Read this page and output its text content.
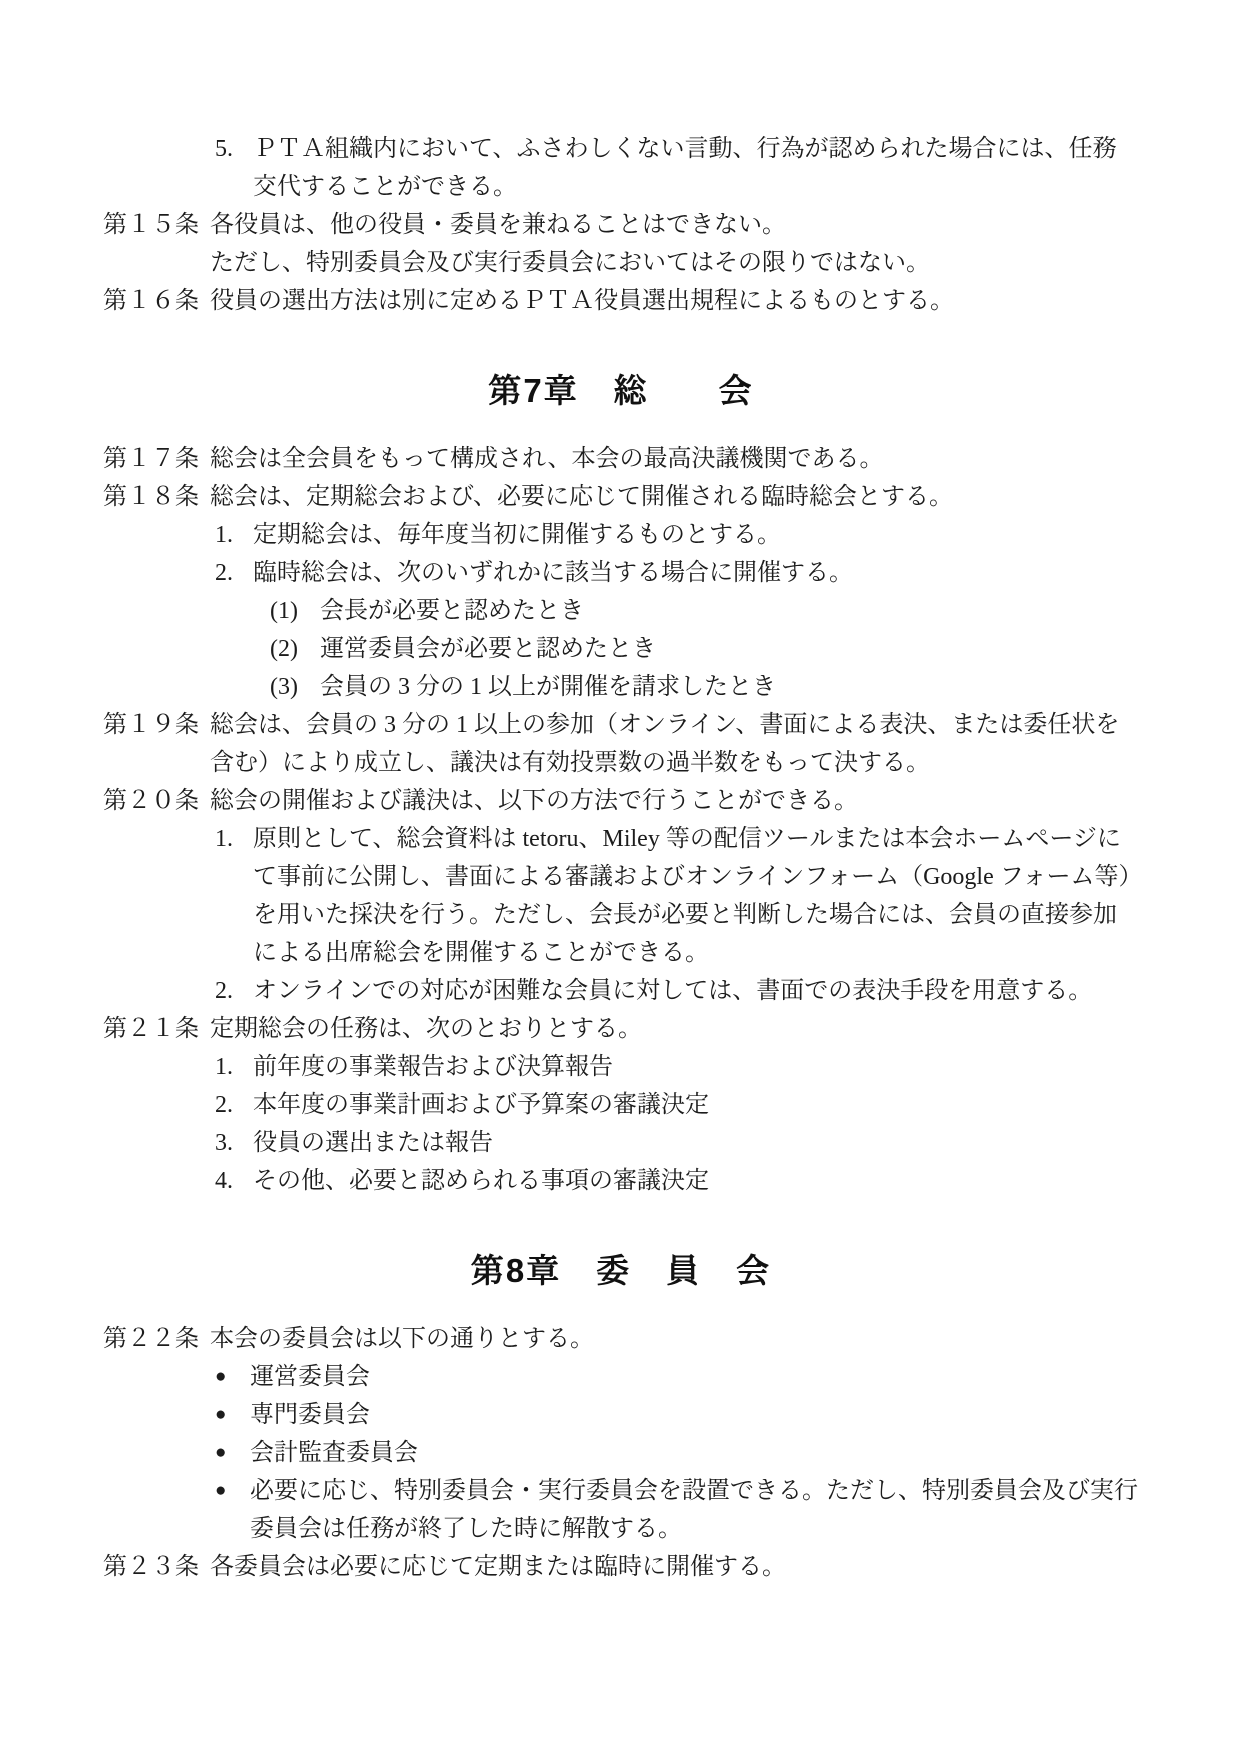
5. ＰＴＡ組織内において、ふさわしくない言動、行為が認められた場合には、任務交代することができる。
第１５条 各役員は、他の役員・委員を兼ねることはできない。
ただし、特別委員会及び実行委員会においてはその限りではない。
第１６条 役員の選出方法は別に定めるＰＴＡ役員選出規程によるものとする。
第7章　総　　会
第１７条 総会は全会員をもって構成され、本会の最高決議機関である。
第１８条 総会は、定期総会および、必要に応じて開催される臨時総会とする。
1. 定期総会は、毎年度当初に開催するものとする。
2. 臨時総会は、次のいずれかに該当する場合に開催する。
(1) 会長が必要と認めたとき
(2) 運営委員会が必要と認めたとき
(3) 会員の 3 分の 1 以上が開催を請求したとき
第１９条 総会は、会員の 3 分の 1 以上の参加（オンライン、書面による表決、または委任状を含む）により成立し、議決は有効投票数の過半数をもって決する。
第２０条 総会の開催および議決は、以下の方法で行うことができる。
1. 原則として、総会資料は tetoru、Miley 等の配信ツールまたは本会ホームページにて事前に公開し、書面による審議およびオンラインフォーム（Google フォーム等）を用いた採決を行う。ただし、会長が必要と判断した場合には、会員の直接参加による出席総会を開催することができる。
2. オンラインでの対応が困難な会員に対しては、書面での表決手段を用意する。
第２１条 定期総会の任務は、次のとおりとする。
1. 前年度の事業報告および決算報告
2. 本年度の事業計画および予算案の審議決定
3. 役員の選出または報告
4. その他、必要と認められる事項の審議決定
第8章　委　員　会
第２２条 本会の委員会は以下の通りとする。
● 運営委員会
● 専門委員会
● 会計監査委員会
● 必要に応じ、特別委員会・実行委員会を設置できる。ただし、特別委員会及び実行委員会は任務が終了した時に解散する。
第２３条 各委員会は必要に応じて定期または臨時に開催する。
